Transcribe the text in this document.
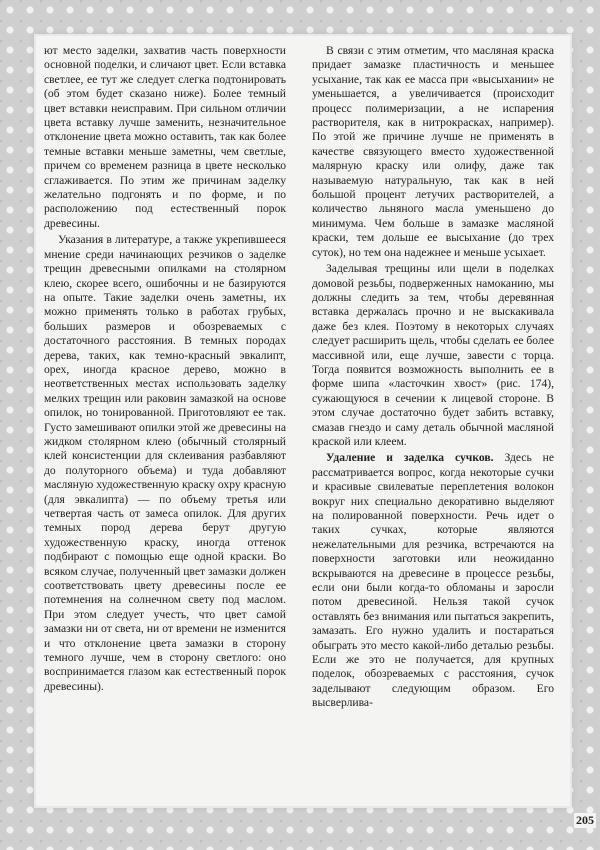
ют место заделки, захватив часть поверхности основной поделки, и сличают цвет. Если вставка светлее, ее тут же следует слегка подтонировать (об этом будет сказано ниже). Более темный цвет вставки неисправим. При сильном отличии цвета вставку лучше заменить, незначительное отклонение цвета можно оставить, так как более темные вставки меньше заметны, чем светлые, причем со временем разница в цвете несколько сглаживается. По этим же причинам заделку желательно подгонять и по форме, и по расположению под естественный порок древесины.

Указания в литературе, а также укрепившееся мнение среди начинающих резчиков о заделке трещин древесными опилками на столярном клею, скорее всего, ошибочны и не базируются на опыте. Такие заделки очень заметны, их можно применять только в работах грубых, больших размеров и обозреваемых с достаточного расстояния. В темных породах дерева, таких, как темно-красный эвкалипт, орех, иногда красное дерево, можно в неответственных местах использовать заделку мелких трещин или раковин замазкой на основе опилок, но тонированной. Приготовляют ее так. Густо замешивают опилки этой же древесины на жидком столярном клею (обычный столярный клей консистенции для склеивания разбавляют до полуторного объема) и туда добавляют масляную художественную краску охру красную (для эвкалипта) — по объему третья или четвертая часть от замеса опилок. Для других темных пород дерева берут другую художественную краску, иногда оттенок подбирают с помощью еще одной краски. Во всяком случае, полученный цвет замазки должен соответствовать цвету древесины после ее потемнения на солнечном свету под маслом. При этом следует учесть, что цвет самой замазки ни от света, ни от времени не изменится и что отклонение цвета замазки в сторону темного лучше, чем в сторону светлого: оно воспринимается глазом как естественный порок древесины).

В связи с этим отметим, что масляная краска придает замазке пластичность и меньшее усыхание, так как ее масса при «высыхании» не уменьшается, а увеличивается (происходит процесс полимеризации, а не испарения растворителя, как в нитрокрасках, например). По этой же причине лучше не применять в качестве связующего вместо художественной малярную краску или олифу, даже так называемую натуральную, так как в ней большой процент летучих растворителей, а количество льняного масла уменьшено до минимума. Чем больше в замазке масляной краски, тем дольше ее высыхание (до трех суток), но тем она надежнее и меньше усыхает.

Заделывая трещины или щели в поделках домовой резьбы, подверженных намоканию, мы должны следить за тем, чтобы деревянная вставка держалась прочно и не выскакивала даже без клея. Поэтому в некоторых случаях следует расширить щель, чтобы сделать ее более массивной или, еще лучше, завести с торца. Тогда появится возможность выполнить ее в форме шипа «ласточкин хвост» (рис. 174), сужающуюся в сечении к лицевой стороне. В этом случае достаточно будет забить вставку, смазав гнездо и саму деталь обычной масляной краской или клеем.

Удаление и заделка сучков. Здесь не рассматривается вопрос, когда некоторые сучки и красивые свилеватые переплетения волокон вокруг них специально декоративно выделяют на полированной поверхности. Речь идет о таких сучках, которые являются нежелательными для резчика, встречаются на поверхности заготовки или неожиданно вскрываются на древесине в процессе резьбы, если они были когда-то обломаны и заросли потом древесиной. Нельзя такой сучок оставлять без внимания или пытаться закрепить, замазать. Его нужно удалить и постараться обыграть это место какой-либо деталью резьбы. Если же это не получается, для крупных поделок, обозреваемых с расстояния, сучок заделывают следующим образом. Его высверлива-

205
